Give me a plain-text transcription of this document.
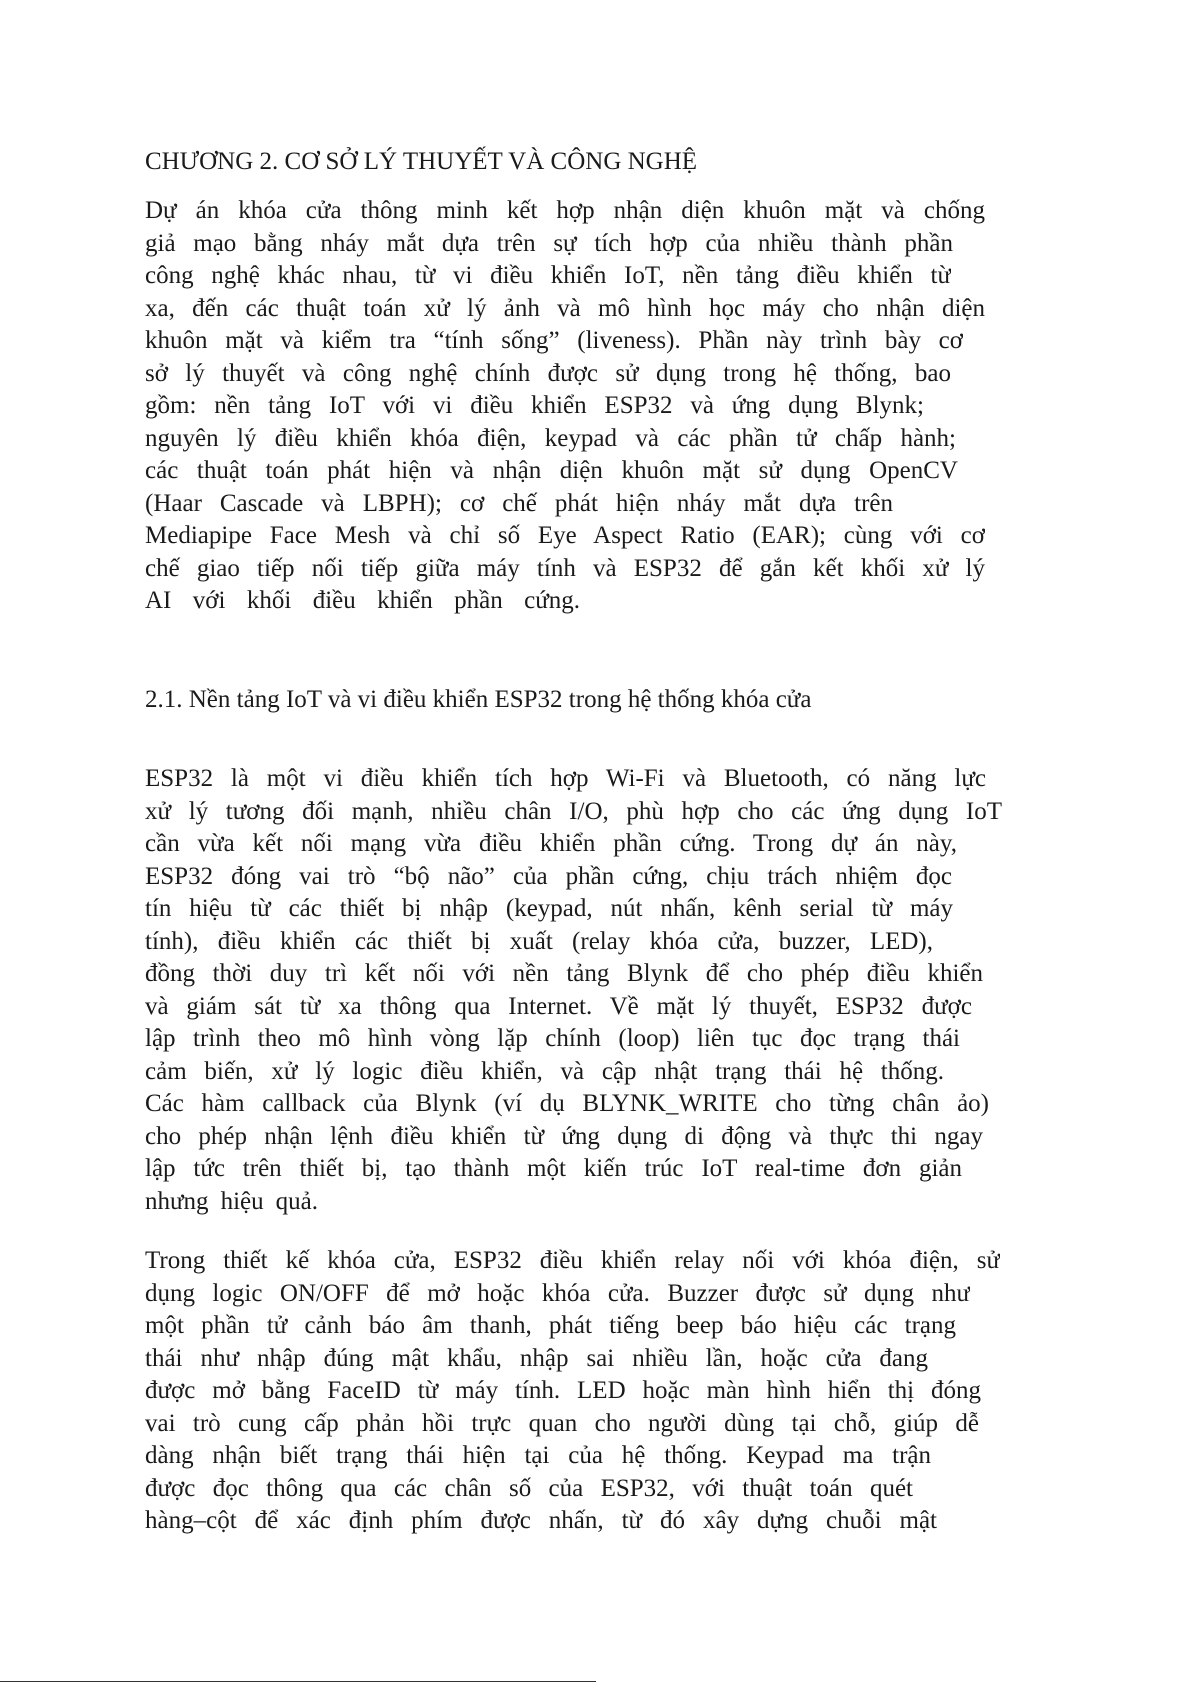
CHƯƠNG 2. CƠ SỞ LÝ THUYẾT VÀ CÔNG NGHỆ
Dự án khóa cửa thông minh kết hợp nhận diện khuôn mặt và chống
giả mạo bằng nháy mắt dựa trên sự tích hợp của nhiều thành phần
công nghệ khác nhau, từ vi điều khiển IoT, nền tảng điều khiển từ
xa, đến các thuật toán xử lý ảnh và mô hình học máy cho nhận diện
khuôn mặt và kiểm tra “tính sống” (liveness). Phần này trình bày cơ
sở lý thuyết và công nghệ chính được sử dụng trong hệ thống, bao
gồm: nền tảng IoT với vi điều khiển ESP32 và ứng dụng Blynk;
nguyên lý điều khiển khóa điện, keypad và các phần tử chấp hành;
các thuật toán phát hiện và nhận diện khuôn mặt sử dụng OpenCV
(Haar Cascade và LBPH); cơ chế phát hiện nháy mắt dựa trên
Mediapipe Face Mesh và chỉ số Eye Aspect Ratio (EAR); cùng với cơ
chế giao tiếp nối tiếp giữa máy tính và ESP32 để gắn kết khối xử lý
AI với khối điều khiển phần cứng.
2.1. Nền tảng IoT và vi điều khiển ESP32 trong hệ thống khóa cửa
ESP32 là một vi điều khiển tích hợp Wi-Fi và Bluetooth, có năng lực
xử lý tương đối mạnh, nhiều chân I/O, phù hợp cho các ứng dụng IoT
cần vừa kết nối mạng vừa điều khiển phần cứng. Trong dự án này,
ESP32 đóng vai trò “bộ não” của phần cứng, chịu trách nhiệm đọc
tín hiệu từ các thiết bị nhập (keypad, nút nhấn, kênh serial từ máy
tính), điều khiển các thiết bị xuất (relay khóa cửa, buzzer, LED),
đồng thời duy trì kết nối với nền tảng Blynk để cho phép điều khiển
và giám sát từ xa thông qua Internet. Về mặt lý thuyết, ESP32 được
lập trình theo mô hình vòng lặp chính (loop) liên tục đọc trạng thái
cảm biến, xử lý logic điều khiển, và cập nhật trạng thái hệ thống.
Các hàm callback của Blynk (ví dụ BLYNK_WRITE cho từng chân ảo)
cho phép nhận lệnh điều khiển từ ứng dụng di động và thực thi ngay
lập tức trên thiết bị, tạo thành một kiến trúc IoT real-time đơn giản
nhưng hiệu quả.
Trong thiết kế khóa cửa, ESP32 điều khiển relay nối với khóa điện, sử
dụng logic ON/OFF để mở hoặc khóa cửa. Buzzer được sử dụng như
một phần tử cảnh báo âm thanh, phát tiếng beep báo hiệu các trạng
thái như nhập đúng mật khẩu, nhập sai nhiều lần, hoặc cửa đang
được mở bằng FaceID từ máy tính. LED hoặc màn hình hiển thị đóng
vai trò cung cấp phản hồi trực quan cho người dùng tại chỗ, giúp dễ
dàng nhận biết trạng thái hiện tại của hệ thống. Keypad ma trận
được đọc thông qua các chân số của ESP32, với thuật toán quét
hàng–cột để xác định phím được nhấn, từ đó xây dựng chuỗi mật
